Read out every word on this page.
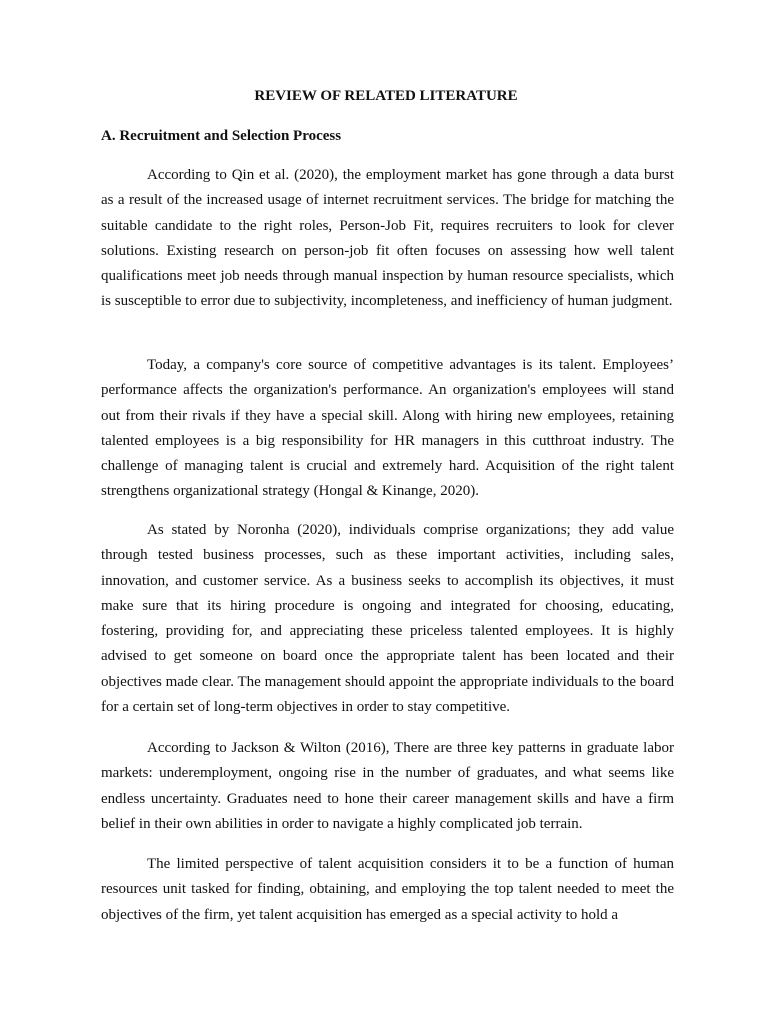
REVIEW OF RELATED LITERATURE
A. Recruitment and Selection Process

According to Qin et al. (2020), the employment market has gone through a data burst as a result of the increased usage of internet recruitment services. The bridge for matching the suitable candidate to the right roles, Person-Job Fit, requires recruiters to look for clever solutions. Existing research on person-job fit often focuses on assessing how well talent qualifications meet job needs through manual inspection by human resource specialists, which is susceptible to error due to subjectivity, incompleteness, and inefficiency of human judgment.

Today, a company's core source of competitive advantages is its talent. Employees’ performance affects the organization's performance. An organization's employees will stand out from their rivals if they have a special skill. Along with hiring new employees, retaining talented employees is a big responsibility for HR managers in this cutthroat industry. The challenge of managing talent is crucial and extremely hard. Acquisition of the right talent strengthens organizational strategy (Hongal & Kinange, 2020).

As stated by Noronha (2020), individuals comprise organizations; they add value through tested business processes, such as these important activities, including sales, innovation, and customer service. As a business seeks to accomplish its objectives, it must make sure that its hiring procedure is ongoing and integrated for choosing, educating, fostering, providing for, and appreciating these priceless talented employees. It is highly advised to get someone on board once the appropriate talent has been located and their objectives made clear. The management should appoint the appropriate individuals to the board for a certain set of long-term objectives in order to stay competitive.

According to Jackson & Wilton (2016), There are three key patterns in graduate labor markets: underemployment, ongoing rise in the number of graduates, and what seems like endless uncertainty. Graduates need to hone their career management skills and have a firm belief in their own abilities in order to navigate a highly complicated job terrain.

The limited perspective of talent acquisition considers it to be a function of human resources unit tasked for finding, obtaining, and employing the top talent needed to meet the objectives of the firm, yet talent acquisition has emerged as a special activity to hold a
